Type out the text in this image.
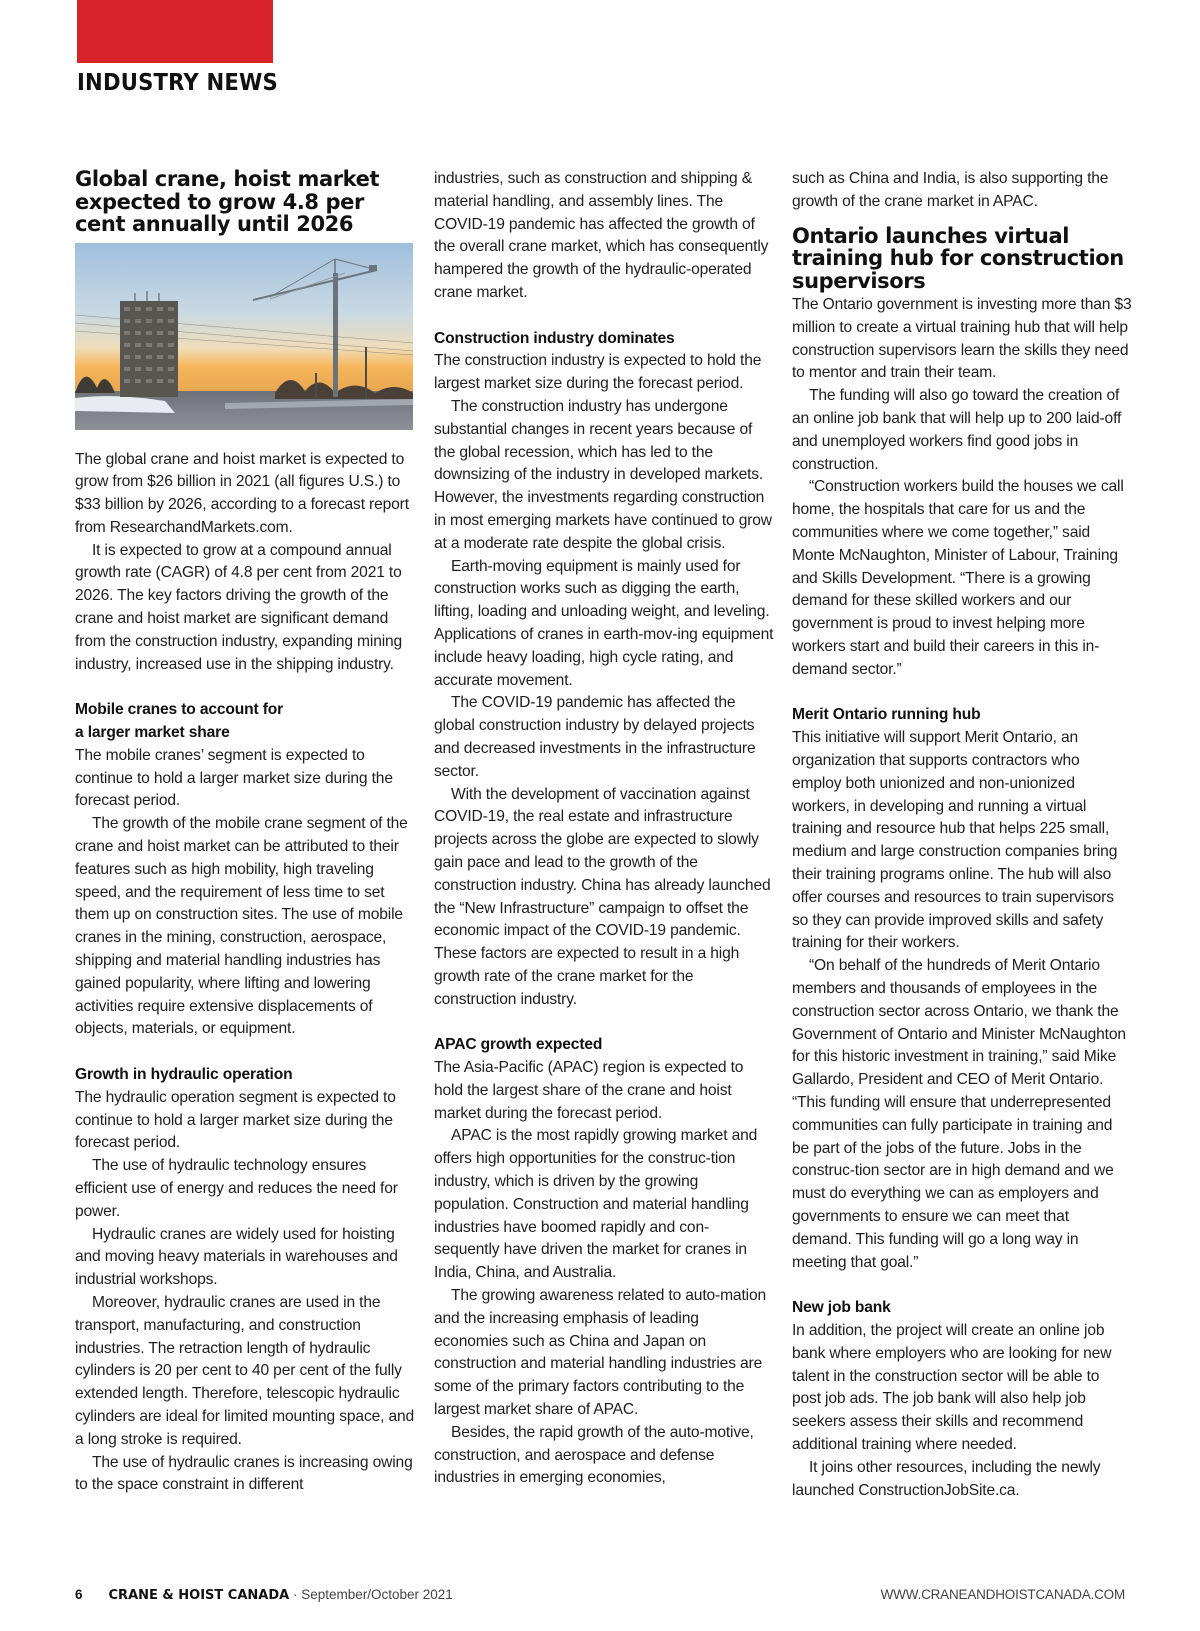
INDUSTRY NEWS
Global crane, hoist market expected to grow 4.8 per cent annually until 2026

The global crane and hoist market is expected to grow from $26 billion in 2021 (all figures U.S.) to $33 billion by 2026, according to a forecast report from ResearchandMarkets.com.

It is expected to grow at a compound annual growth rate (CAGR) of 4.8 per cent from 2021 to 2026. The key factors driving the growth of the crane and hoist market are significant demand from the construction industry, expanding mining industry, increased use in the shipping industry.

Mobile cranes to account for a larger market share

The mobile cranes’ segment is expected to continue to hold a larger market size during the forecast period.

The growth of the mobile crane segment of the crane and hoist market can be attributed to their features such as high mobility, high traveling speed, and the requirement of less time to set them up on construction sites. The use of mobile cranes in the mining, construction, aerospace, shipping and material handling industries has gained popularity, where lifting and lowering activities require extensive displacements of objects, materials, or equipment.

Growth in hydraulic operation

The hydraulic operation segment is expected to continue to hold a larger market size during the forecast period.

The use of hydraulic technology ensures efficient use of energy and reduces the need for power.

Hydraulic cranes are widely used for hoisting and moving heavy materials in warehouses and industrial workshops.

Moreover, hydraulic cranes are used in the transport, manufacturing, and construction industries. The retraction length of hydraulic cylinders is 20 per cent to 40 per cent of the fully extended length. Therefore, telescopic hydraulic cylinders are ideal for limited mounting space, and a long stroke is required.

The use of hydraulic cranes is increasing owing to the space constraint in different

industries, such as construction and shipping & material handling, and assembly lines. The COVID-19 pandemic has affected the growth of the overall crane market, which has consequently hampered the growth of the hydraulic-operated crane market.

Construction industry dominates

The construction industry is expected to hold the largest market size during the forecast period.

The construction industry has undergone substantial changes in recent years because of the global recession, which has led to the downsizing of the industry in developed markets. However, the investments regarding construction in most emerging markets have continued to grow at a moderate rate despite the global crisis.

Earth-moving equipment is mainly used for construction works such as digging the earth, lifting, loading and unloading weight, and leveling. Applications of cranes in earth-mov-ing equipment include heavy loading, high cycle rating, and accurate movement.

The COVID-19 pandemic has affected the global construction industry by delayed projects and decreased investments in the infrastructure sector.

With the development of vaccination against COVID-19, the real estate and infrastructure projects across the globe are expected to slowly gain pace and lead to the growth of the construction industry. China has already launched the “New Infrastructure” campaign to offset the economic impact of the COVID-19 pandemic. These factors are expected to result in a high growth rate of the crane market for the construction industry.

APAC growth expected

The Asia-Pacific (APAC) region is expected to hold the largest share of the crane and hoist market during the forecast period.

APAC is the most rapidly growing market and offers high opportunities for the construc-tion industry, which is driven by the growing population. Construction and material handling industries have boomed rapidly and con-sequently have driven the market for cranes in India, China, and Australia.

The growing awareness related to auto-mation and the increasing emphasis of leading economies such as China and Japan on construction and material handling industries are some of the primary factors contributing to the largest market share of APAC.

Besides, the rapid growth of the auto-motive, construction, and aerospace and defense industries in emerging economies,

such as China and India, is also supporting the growth of the crane market in APAC.

Ontario launches virtual training hub for construction supervisors

The Ontario government is investing more than $3 million to create a virtual training hub that will help construction supervisors learn the skills they need to mentor and train their team.

The funding will also go toward the creation of an online job bank that will help up to 200 laid-off and unemployed workers find good jobs in construction.

“Construction workers build the houses we call home, the hospitals that care for us and the communities where we come together,” said Monte McNaughton, Minister of Labour, Training and Skills Development. “There is a growing demand for these skilled workers and our government is proud to invest helping more workers start and build their careers in this in-demand sector.”

Merit Ontario running hub

This initiative will support Merit Ontario, an organization that supports contractors who employ both unionized and non-unionized workers, in developing and running a virtual training and resource hub that helps 225 small, medium and large construction companies bring their training programs online. The hub will also offer courses and resources to train supervisors so they can provide improved skills and safety training for their workers.

“On behalf of the hundreds of Merit Ontario members and thousands of employees in the construction sector across Ontario, we thank the Government of Ontario and Minister McNaughton for this historic investment in training,” said Mike Gallardo, President and CEO of Merit Ontario. “This funding will ensure that underrepresented communities can fully participate in training and be part of the jobs of the future. Jobs in the construc-tion sector are in high demand and we must do everything we can as employers and governments to ensure we can meet that demand. This funding will go a long way in meeting that goal.”

New job bank

In addition, the project will create an online job bank where employers who are looking for new talent in the construction sector will be able to post job ads. The job bank will also help job seekers assess their skills and recommend additional training where needed.

It joins other resources, including the newly launched ConstructionJobSite.ca.

6 CRANE & HOIST CANADA · September/October 2021	WWW.CRANEANDHOISTCANADA.COM
